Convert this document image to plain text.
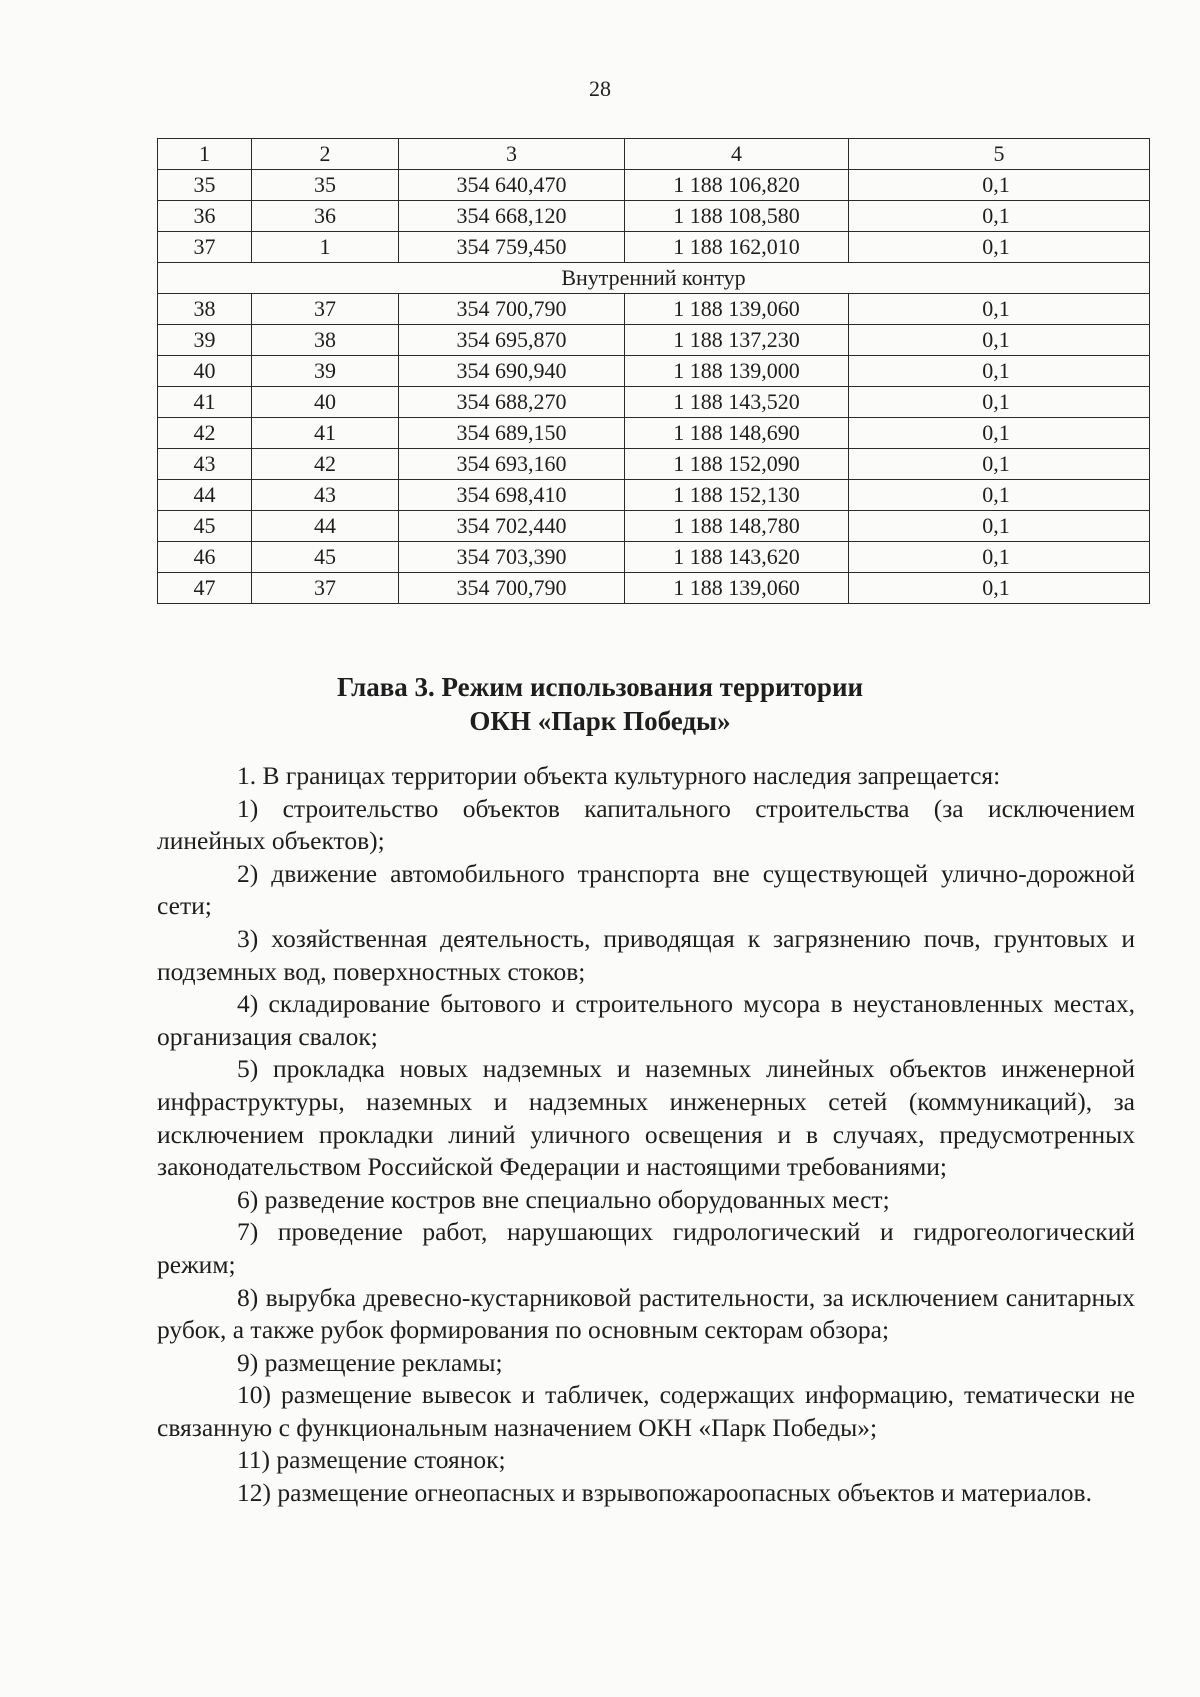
28
1	2	3	4	5
35	35	354 640,470	1 188 106,820	0,1
36	36	354 668,120	1 188 108,580	0,1
37	1	354 759,450	1 188 162,010	0,1
Внутренний контур				
38	37	354 700,790	1 188 139,060	0,1
39	38	354 695,870	1 188 137,230	0,1
40	39	354 690,940	1 188 139,000	0,1
41	40	354 688,270	1 188 143,520	0,1
42	41	354 689,150	1 188 148,690	0,1
43	42	354 693,160	1 188 152,090	0,1
44	43	354 698,410	1 188 152,130	0,1
45	44	354 702,440	1 188 148,780	0,1
46	45	354 703,390	1 188 143,620	0,1
47	37	354 700,790	1 188 139,060	0,1
Глава 3. Режим использования территории
ОКН «Парк Победы»

1. В границах территории объекта культурного наследия запрещается:

1) строительство объектов капитального строительства (за исключением линейных объектов);

2) движение автомобильного транспорта вне существующей улично-дорожной сети;

3) хозяйственная деятельность, приводящая к загрязнению почв, грунтовых и подземных вод, поверхностных стоков;

4) складирование бытового и строительного мусора в неустановленных местах, организация свалок;

5) прокладка новых надземных и наземных линейных объектов инженерной инфраструктуры, наземных и надземных инженерных сетей (коммуникаций), за исключением прокладки линий уличного освещения и в случаях, предусмотренных законодательством Российской Федерации и настоящими требованиями;

6) разведение костров вне специально оборудованных мест;

7) проведение работ, нарушающих гидрологический и гидрогеологический режим;

8) вырубка древесно-кустарниковой растительности, за исключением санитарных рубок, а также рубок формирования по основным секторам обзора;

9) размещение рекламы;

10) размещение вывесок и табличек, содержащих информацию, тематически не связанную с функциональным назначением ОКН «Парк Победы»;

11) размещение стоянок;

12) размещение огнеопасных и взрывопожароопасных объектов и материалов.
